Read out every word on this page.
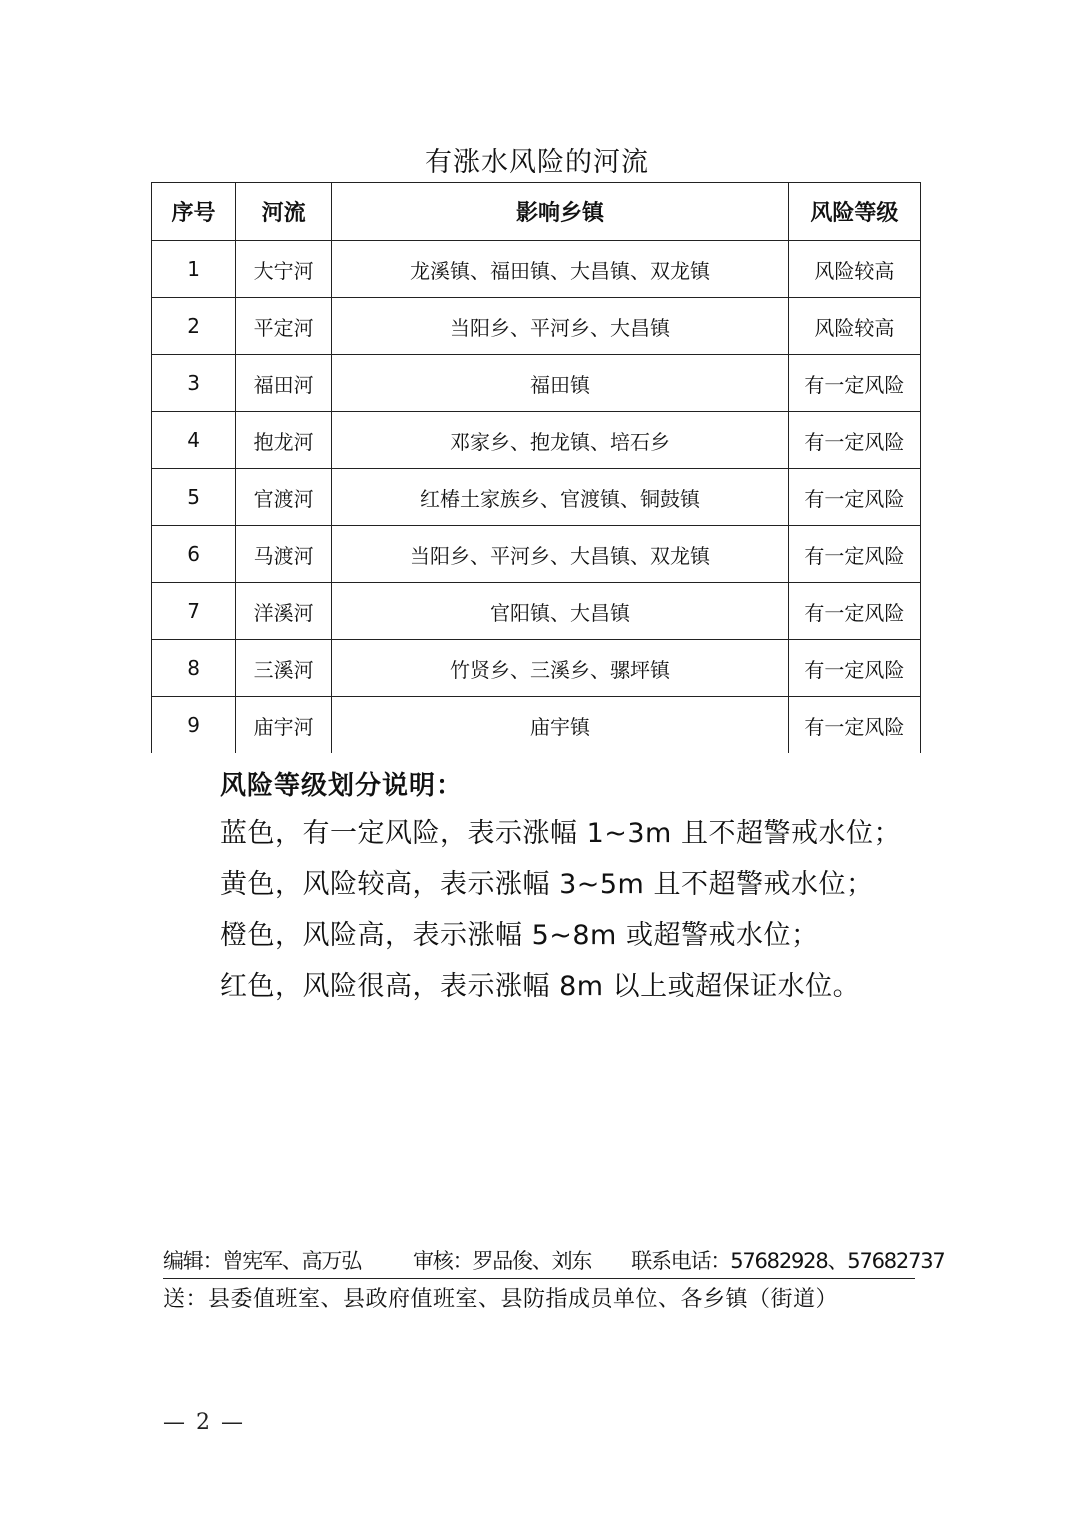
有涨水风险的河流
序号	河流	影响乡镇	风险等级
1	大宁河	龙溪镇、福田镇、大昌镇、双龙镇	风险较高
2	平定河	当阳乡、平河乡、大昌镇	风险较高
3	福田河	福田镇	有一定风险
4	抱龙河	邓家乡、抱龙镇、培石乡	有一定风险
5	官渡河	红椿土家族乡、官渡镇、铜鼓镇	有一定风险
6	马渡河	当阳乡、平河乡、大昌镇、双龙镇	有一定风险
7	洋溪河	官阳镇、大昌镇	有一定风险
8	三溪河	竹贤乡、三溪乡、骡坪镇	有一定风险
9	庙宇河	庙宇镇	有一定风险
风险等级划分说明：
蓝色，有一定风险，表示涨幅 1~3m 且不超警戒水位；
黄色，风险较高，表示涨幅 3~5m 且不超警戒水位；
橙色，风险高，表示涨幅 5~8m 或超警戒水位；
红色，风险很高，表示涨幅 8m 以上或超保证水位。
编辑：曾宪军、高万弘 审核：罗品俊、刘东 联系电话：57682928、57682737
送：县委值班室、县政府值班室、县防指成员单位、各乡镇（街道）
— 2 —
